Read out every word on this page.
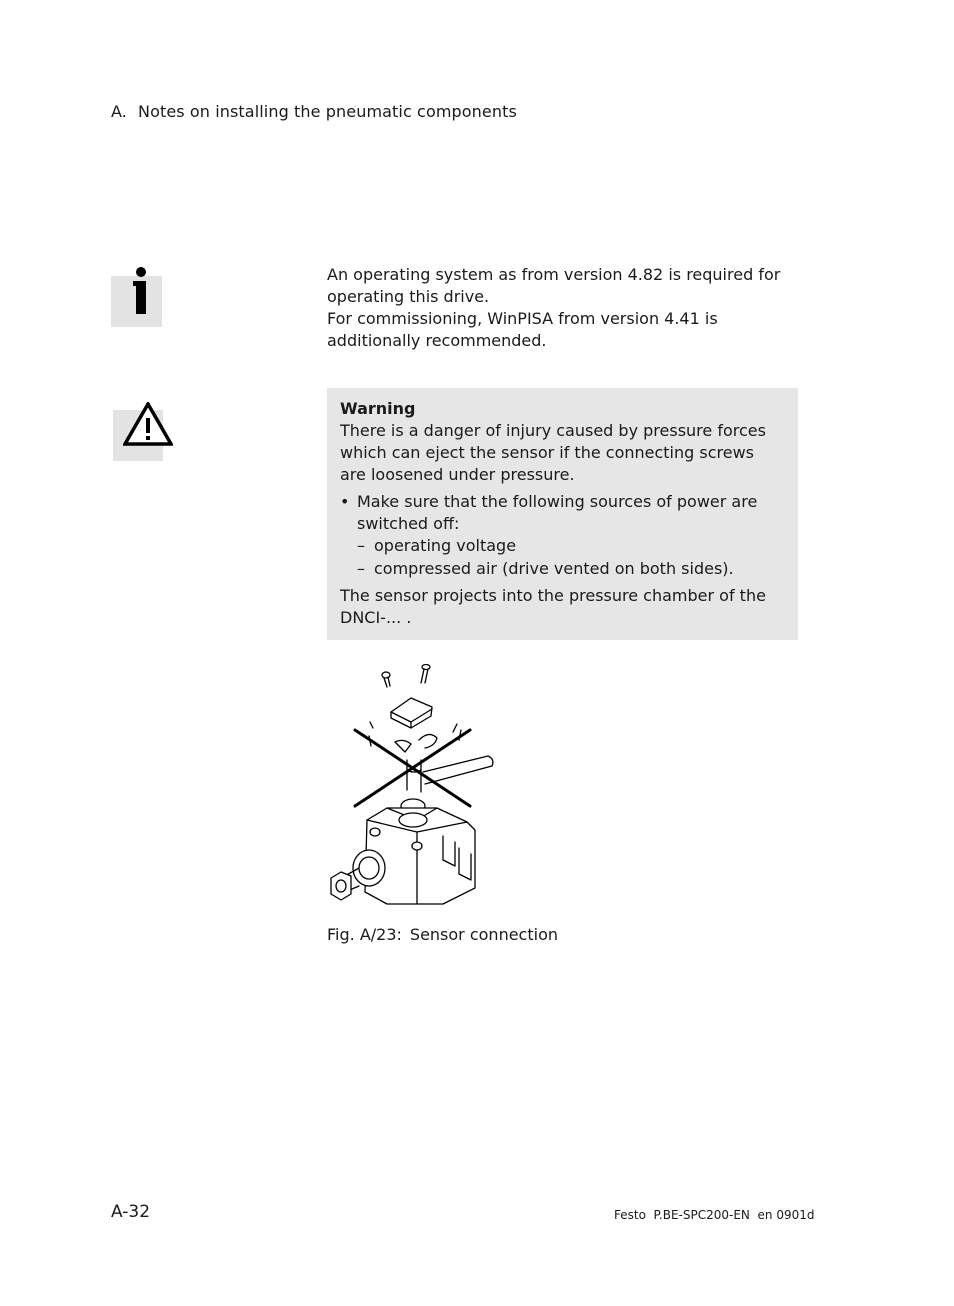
A. Notes on installing the pneumatic components

An operating system as from version 4.82 is required for operating this drive.

For commissioning, WinPISA from version 4.41 is additionally recommended.

Warning

There is a danger of injury caused by pressure forces which can eject the sensor if the connecting screws are loosened under pressure.

• Make sure that the following sources of power are switched off:
– operating voltage
– compressed air (drive vented on both sides).

The sensor projects into the pressure chamber of the DNCI-... .

Fig. A/23: Sensor connection
A-32	Festo  P.BE-SPC200-EN  en 0901d
